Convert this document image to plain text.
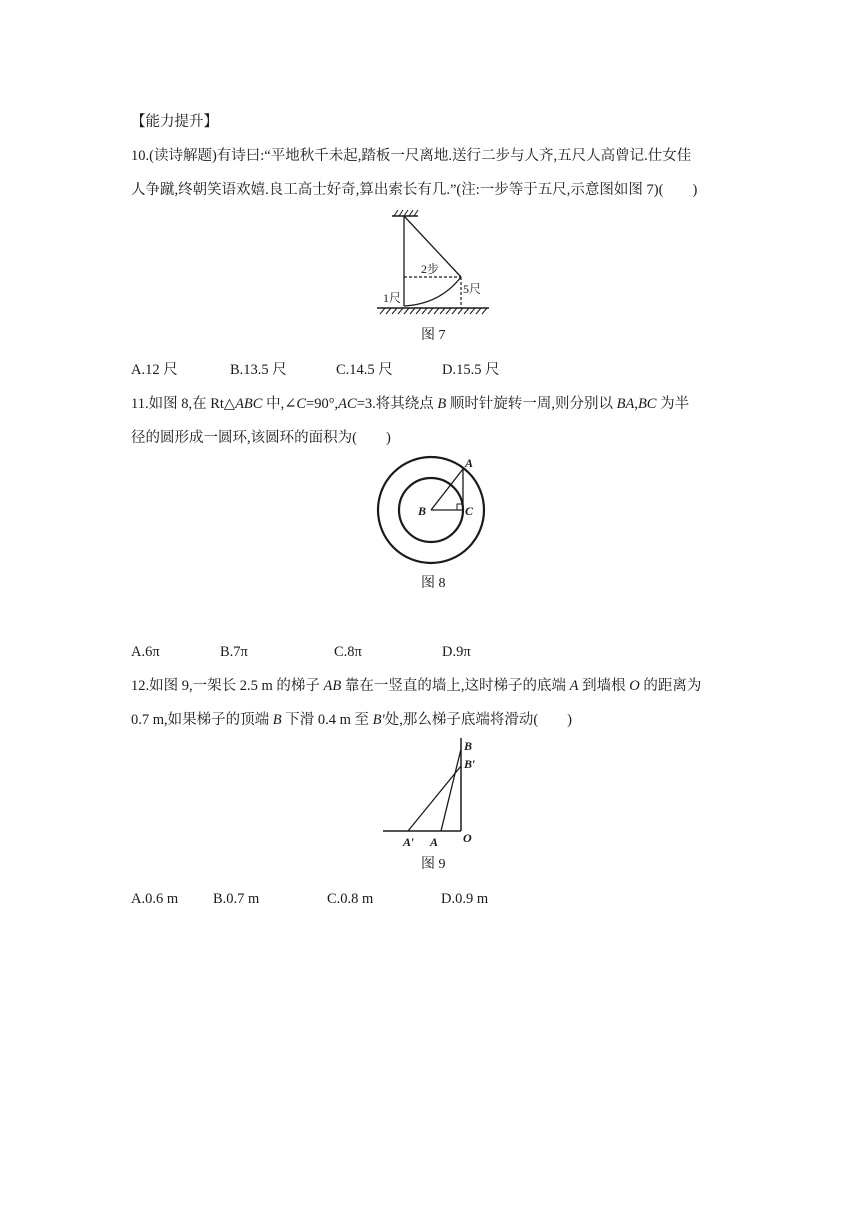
【能力提升】
10.(读诗解题)有诗曰:“平地秋千未起,踏板一尺离地.送行二步与人齐,五尺人高曾记.仕女佳
人争蹴,终朝笑语欢嬉.良工高士好奇,算出索长有几.”(注:一步等于五尺,示意图如图 7)(　　)
2步
1尺
5尺
图 7
A.12 尺	B.13.5 尺	C.14.5 尺	D.15.5 尺
11.如图 8,在 Rt△ABC 中,∠C=90°,AC=3.将其绕点 B 顺时针旋转一周,则分别以 BA,BC 为半
径的圆形成一圆环,该圆环的面积为(　　)
A
B	C
图 8
A.6π	B.7π	C.8π	D.9π
12.如图 9,一架长 2.5 m 的梯子 AB 靠在一竖直的墙上,这时梯子的底端 A 到墙根 O 的距离为
0.7 m,如果梯子的顶端 B 下滑 0.4 m 至 B′处,那么梯子底端将滑动(　　)
B
B′
A′ A O
图 9
A.0.6 m B.0.7 m	C.0.8 m	D.0.9 m
